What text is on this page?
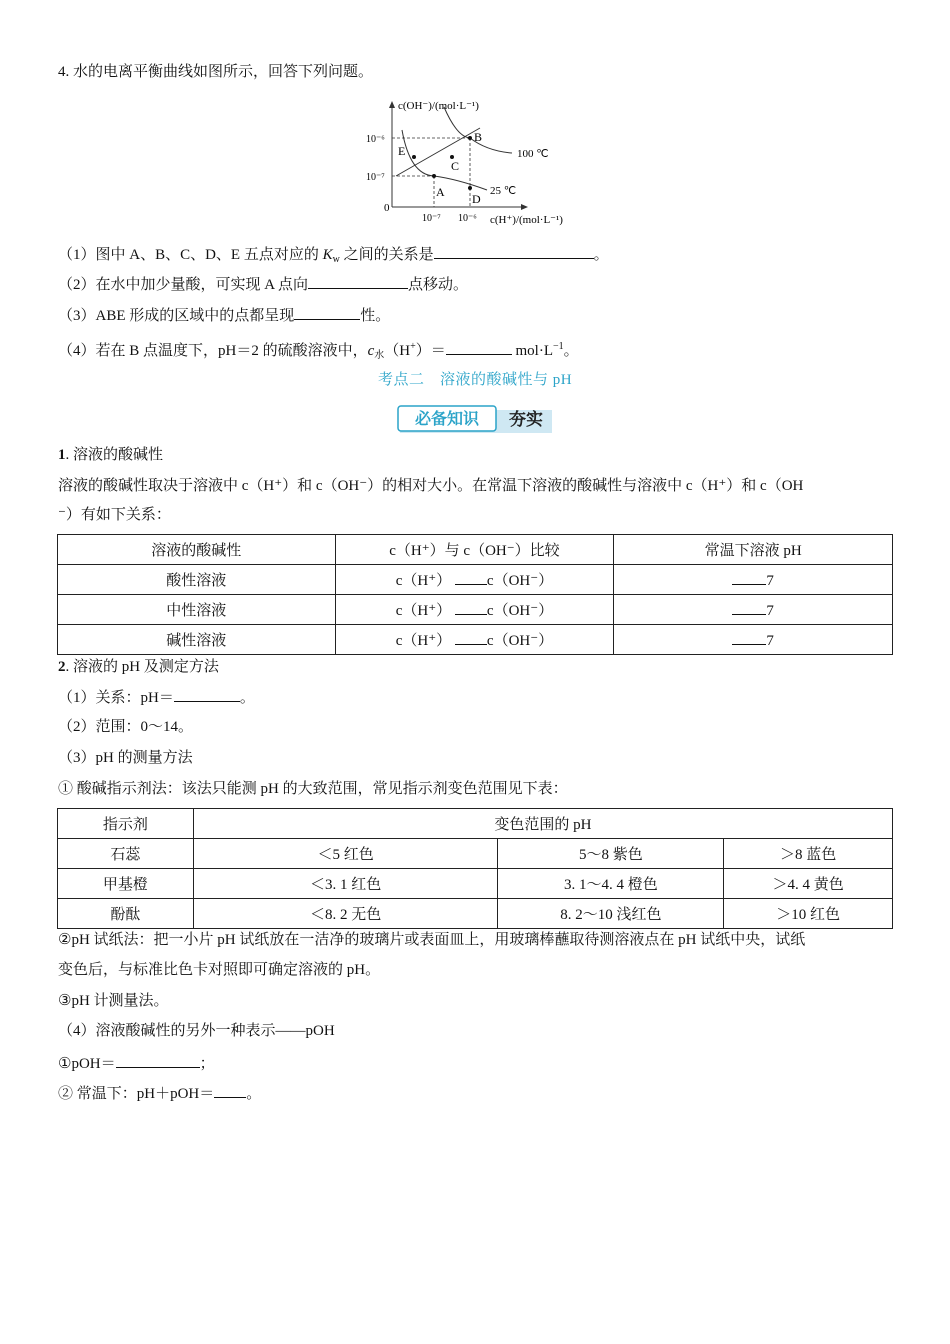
4. 水的电离平衡曲线如图所示，回答下列问题。
c(OH⁻)/(mol·L⁻¹)
c(H⁺)/(mol·L⁻¹)
10⁻⁶
10⁻⁷
10⁻⁷ 10⁻⁶
0
A
B
C
D
E	100 ℃
25 ℃
（1）图中 A、B、C、D、E 五点对应的 $K_w$ 之间的关系是	。
（2）在水中加少量酸，可实现 A 点向	点移动。
（3）ABE 形成的区域中的点都呈现	性。
（4）若在 B 点温度下，pH＝2 的硫酸溶液中，$c_水(H^+)=$	$mol\cdot L^{-1}$。
考点二　溶液的酸碱性与 pH
必备知识 夯实
1. 溶液的酸碱性
溶液的酸碱性取决于溶液中 c（H⁺）和 c（OH⁻）的相对大小。在常温下溶液的酸碱性与溶液中 c（H⁺）和 c（OH
⁻）有如下关系：
溶液的酸碱性	c（H⁺）与 c（OH⁻）比较	常温下溶液 pH
酸性溶液	c（H⁺） c（OH⁻）	7
中性溶液	c（H⁺） c（OH⁻）	7
碱性溶液	c（H⁺） c（OH⁻）	7
2. 溶液的 pH 及测定方法
（1）关系：pH＝	。
（2）范围：0～14。
（3）pH 的测量方法
① 酸碱指示剂法：该法只能测 pH 的大致范围，常见指示剂变色范围见下表：
指示剂	变色范围的 pH		
石蕊	＜5 红色	5～8 紫色	＞8 蓝色
甲基橙	＜3. 1 红色	3. 1～4. 4 橙色	＞4. 4 黄色
酚酞	＜8. 2 无色	8. 2～10 浅红色	＞10 红色
②pH 试纸法：把一小片 pH 试纸放在一洁净的玻璃片或表面皿上，用玻璃棒蘸取待测溶液点在 pH 试纸中央，试纸
变色后，与标准比色卡对照即可确定溶液的 pH。
③pH 计测量法。
（4）溶液酸碱性的另外一种表示——pOH
①pOH＝	；
② 常温下：pH＋pOH＝ 。
